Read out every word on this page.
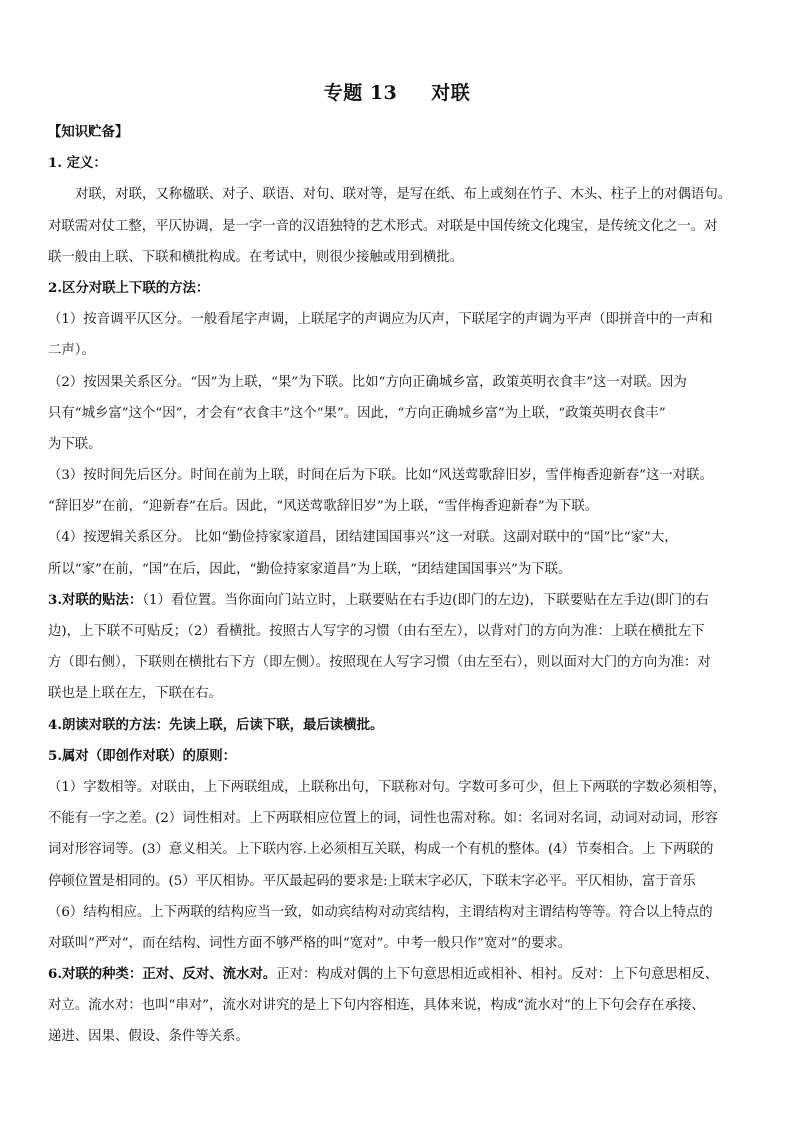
专题 13 对联
【知识贮备】
1. 定义：
对联，对联，又称楹联、对子、联语、对句、联对等，是写在纸、布上或刻在竹子、木头、柱子上的对偶语句。
对联需对仗工整，平仄协调，是一字一音的汉语独特的艺术形式。对联是中国传统文化瑰宝，是传统文化之一。对
联一般由上联、下联和横批构成。在考试中，则很少接触或用到横批。
2.区分对联上下联的方法：
（1）按音调平仄区分。一般看尾字声调，上联尾字的声调应为仄声，下联尾字的声调为平声（即拼音中的一声和
二声）。
（2）按因果关系区分。“因”为上联，“果”为下联。比如“方向正确城乡富，政策英明衣食丰”这一对联。因为
只有“城乡富”这个“因”，才会有“衣食丰”这个“果”。因此，“方向正确城乡富”为上联，“政策英明衣食丰”
为下联。
（3）按时间先后区分。时间在前为上联，时间在后为下联。比如“风送莺歌辞旧岁，雪伴梅香迎新春”这一对联。
“辞旧岁”在前，“迎新春”在后。因此，“风送莺歌辞旧岁”为上联，“雪伴梅香迎新春”为下联。
（4）按逻辑关系区分。 比如“勤俭持家家道昌，团结建国国事兴”这一对联。这副对联中的“国”比“家”大，
所以“家”在前，“国”在后，因此，“勤俭持家家道昌”为上联，“团结建国国事兴”为下联。
3.对联的贴法：（1）看位置。当你面向门站立时，上联要贴在右手边(即门的左边)，下联要贴在左手边(即门的右
边)，上下联不可贴反；（2）看横批。按照古人写字的习惯（由右至左），以背对门的方向为准：上联在横批左下
方（即右侧），下联则在横批右下方（即左侧）。按照现在人写字习惯（由左至右），则以面对大门的方向为准：对
联也是上联在左，下联在右。
4.朗读对联的方法：先读上联，后读下联，最后读横批。
5.属对（即创作对联）的原则：
（1）字数相等。对联由，上下两联组成，上联称出句，下联称对句。字数可多可少，但上下两联的字数必须相等，
不能有一字之差。(2）词性相对。上下两联相应位置上的词，词性也需对称。如：名词对名词，动词对动词，形容
词对形容词等。(3）意义相关。上下联内容.上必须相互关联，构成一个有机的整体。(4）节奏相合。上 下两联的
停顿位置是相同的。(5）平仄相协。平仄最起码的要求是:上联末字必仄，下联末字必平。平仄相协，富于音乐
（6）结构相应。上下两联的结构应当一致，如动宾结构对动宾结构，主谓结构对主谓结构等等。符合以上特点的
对联叫”严对”，而在结构、词性方面不够严格的叫“宽对”。中考一般只作”宽对”的要求。
6.对联的种类：正对、反对、流水对。正对：构成对偶的上下句意思相近或相补、相衬。反对：上下句意思相反、
对立。流水对：也叫“串对”，流水对讲究的是上下句内容相连，具体来说，构成“流水对”的上下句会存在承接、
递进、因果、假设、条件等关系。
